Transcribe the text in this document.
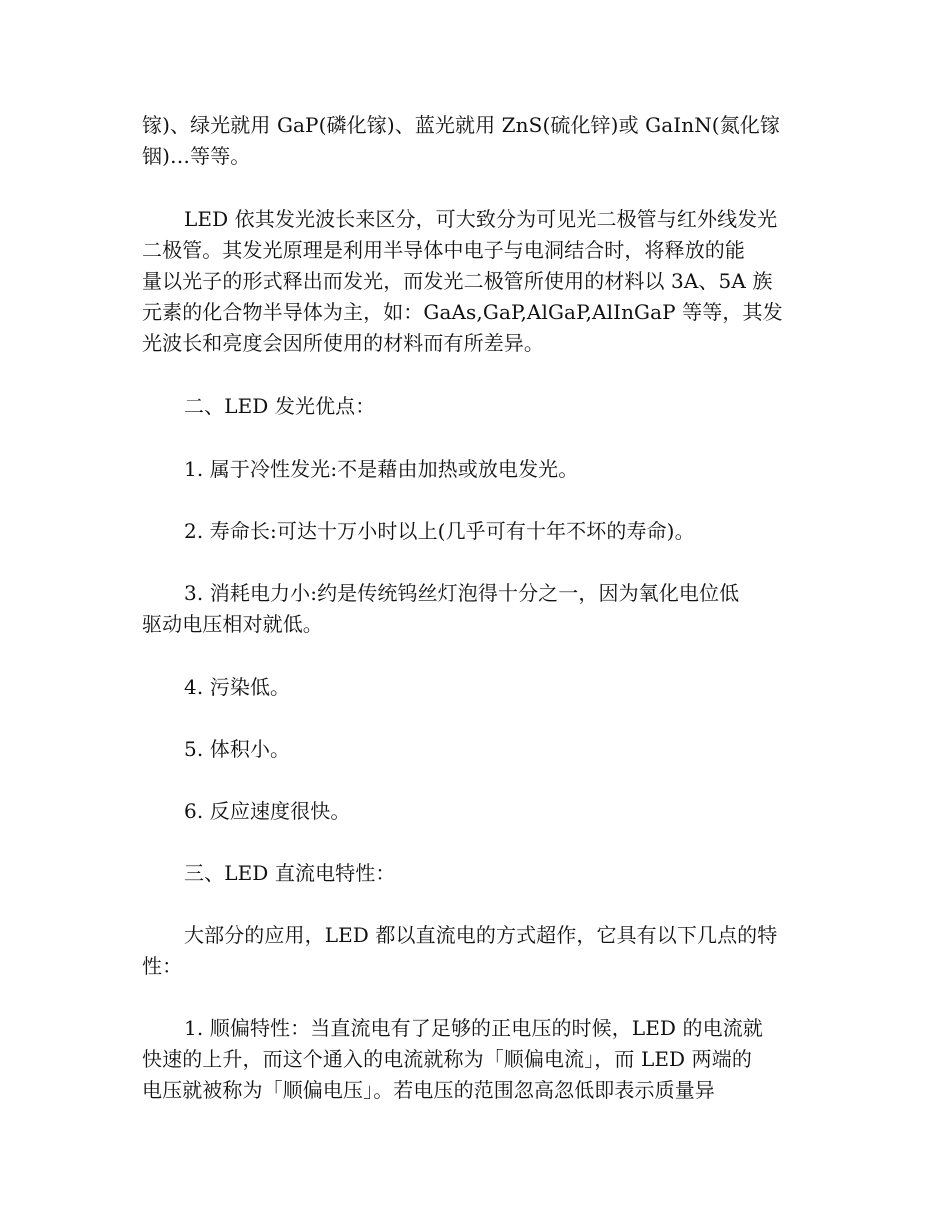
镓)、绿光就用 GaP(磷化镓)、蓝光就用 ZnS(硫化锌)或 GaInN(氮化镓
铟)…等等。
LED 依其发光波长来区分，可大致分为可见光二极管与红外线发光
二极管。其发光原理是利用半导体中电子与电洞结合时，将释放的能
量以光子的形式释出而发光，而发光二极管所使用的材料以 3A、5A 族
元素的化合物半导体为主，如：GaAs,GaP,AlGaP,AlInGaP 等等，其发
光波长和亮度会因所使用的材料而有所差异。
二、LED 发光优点：
1. 属于冷性发光:不是藉由加热或放电发光。
2. 寿命长:可达十万小时以上(几乎可有十年不坏的寿命)。
3. 消耗电力小:约是传统钨丝灯泡得十分之一，因为氧化电位低
驱动电压相对就低。
4. 污染低。
5. 体积小。
6. 反应速度很快。
三、LED 直流电特性：
大部分的应用，LED 都以直流电的方式超作，它具有以下几点的特
性：
1. 顺偏特性：当直流电有了足够的正电压的时候，LED 的电流就
快速的上升，而这个通入的电流就称为「顺偏电流」，而 LED 两端的
电压就被称为「顺偏电压」。若电压的范围忽高忽低即表示质量异
